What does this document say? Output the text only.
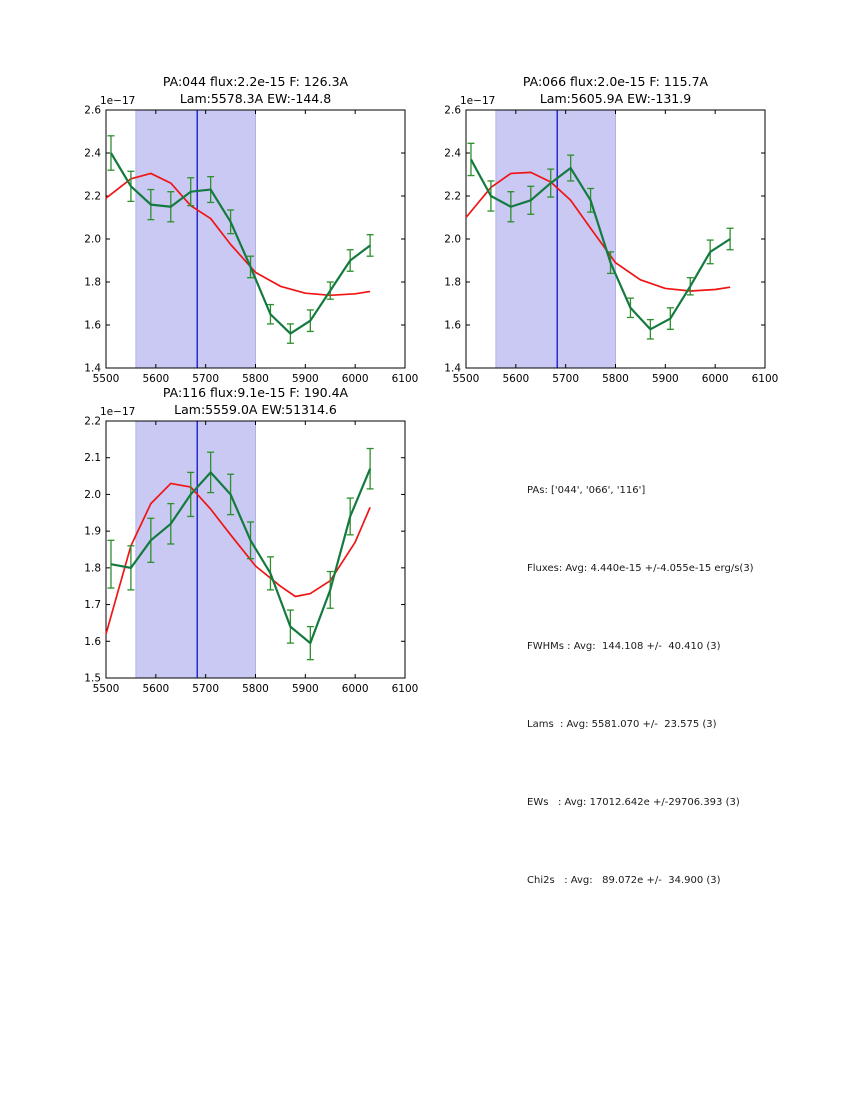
PA:044 flux:2.2e-15 F: 126.3A
Lam:5578.3A EW:-144.8
1e−17
5500 5600 5700 5800 5900 6000 6100
1.4
1.6
1.8
2.0
2.2
2.4
2.6
PA:066 flux:2.0e-15 F: 115.7A
Lam:5605.9A EW:-131.9
1e−17
5500 5600 5700 5800 5900 6000 6100
1.4
1.6
1.8
2.0
2.2
2.4
2.6
PA:116 flux:9.1e-15 F: 190.4A
Lam:5559.0A EW:51314.6
1e−17
5500 5600 5700 5800 5900 6000 6100
1.5
1.6
1.7
1.8
1.9
2.0
2.1
2.2

PAs: ['044', '066', '116']

Fluxes: Avg: 4.440e-15 +/-4.055e-15 erg/s(3)

FWHMs : Avg:  144.108 +/-  40.410 (3)

Lams  : Avg: 5581.070 +/-  23.575 (3)

EWs   : Avg: 17012.642e +/-29706.393 (3)

Chi2s   : Avg:   89.072e +/-  34.900 (3)
